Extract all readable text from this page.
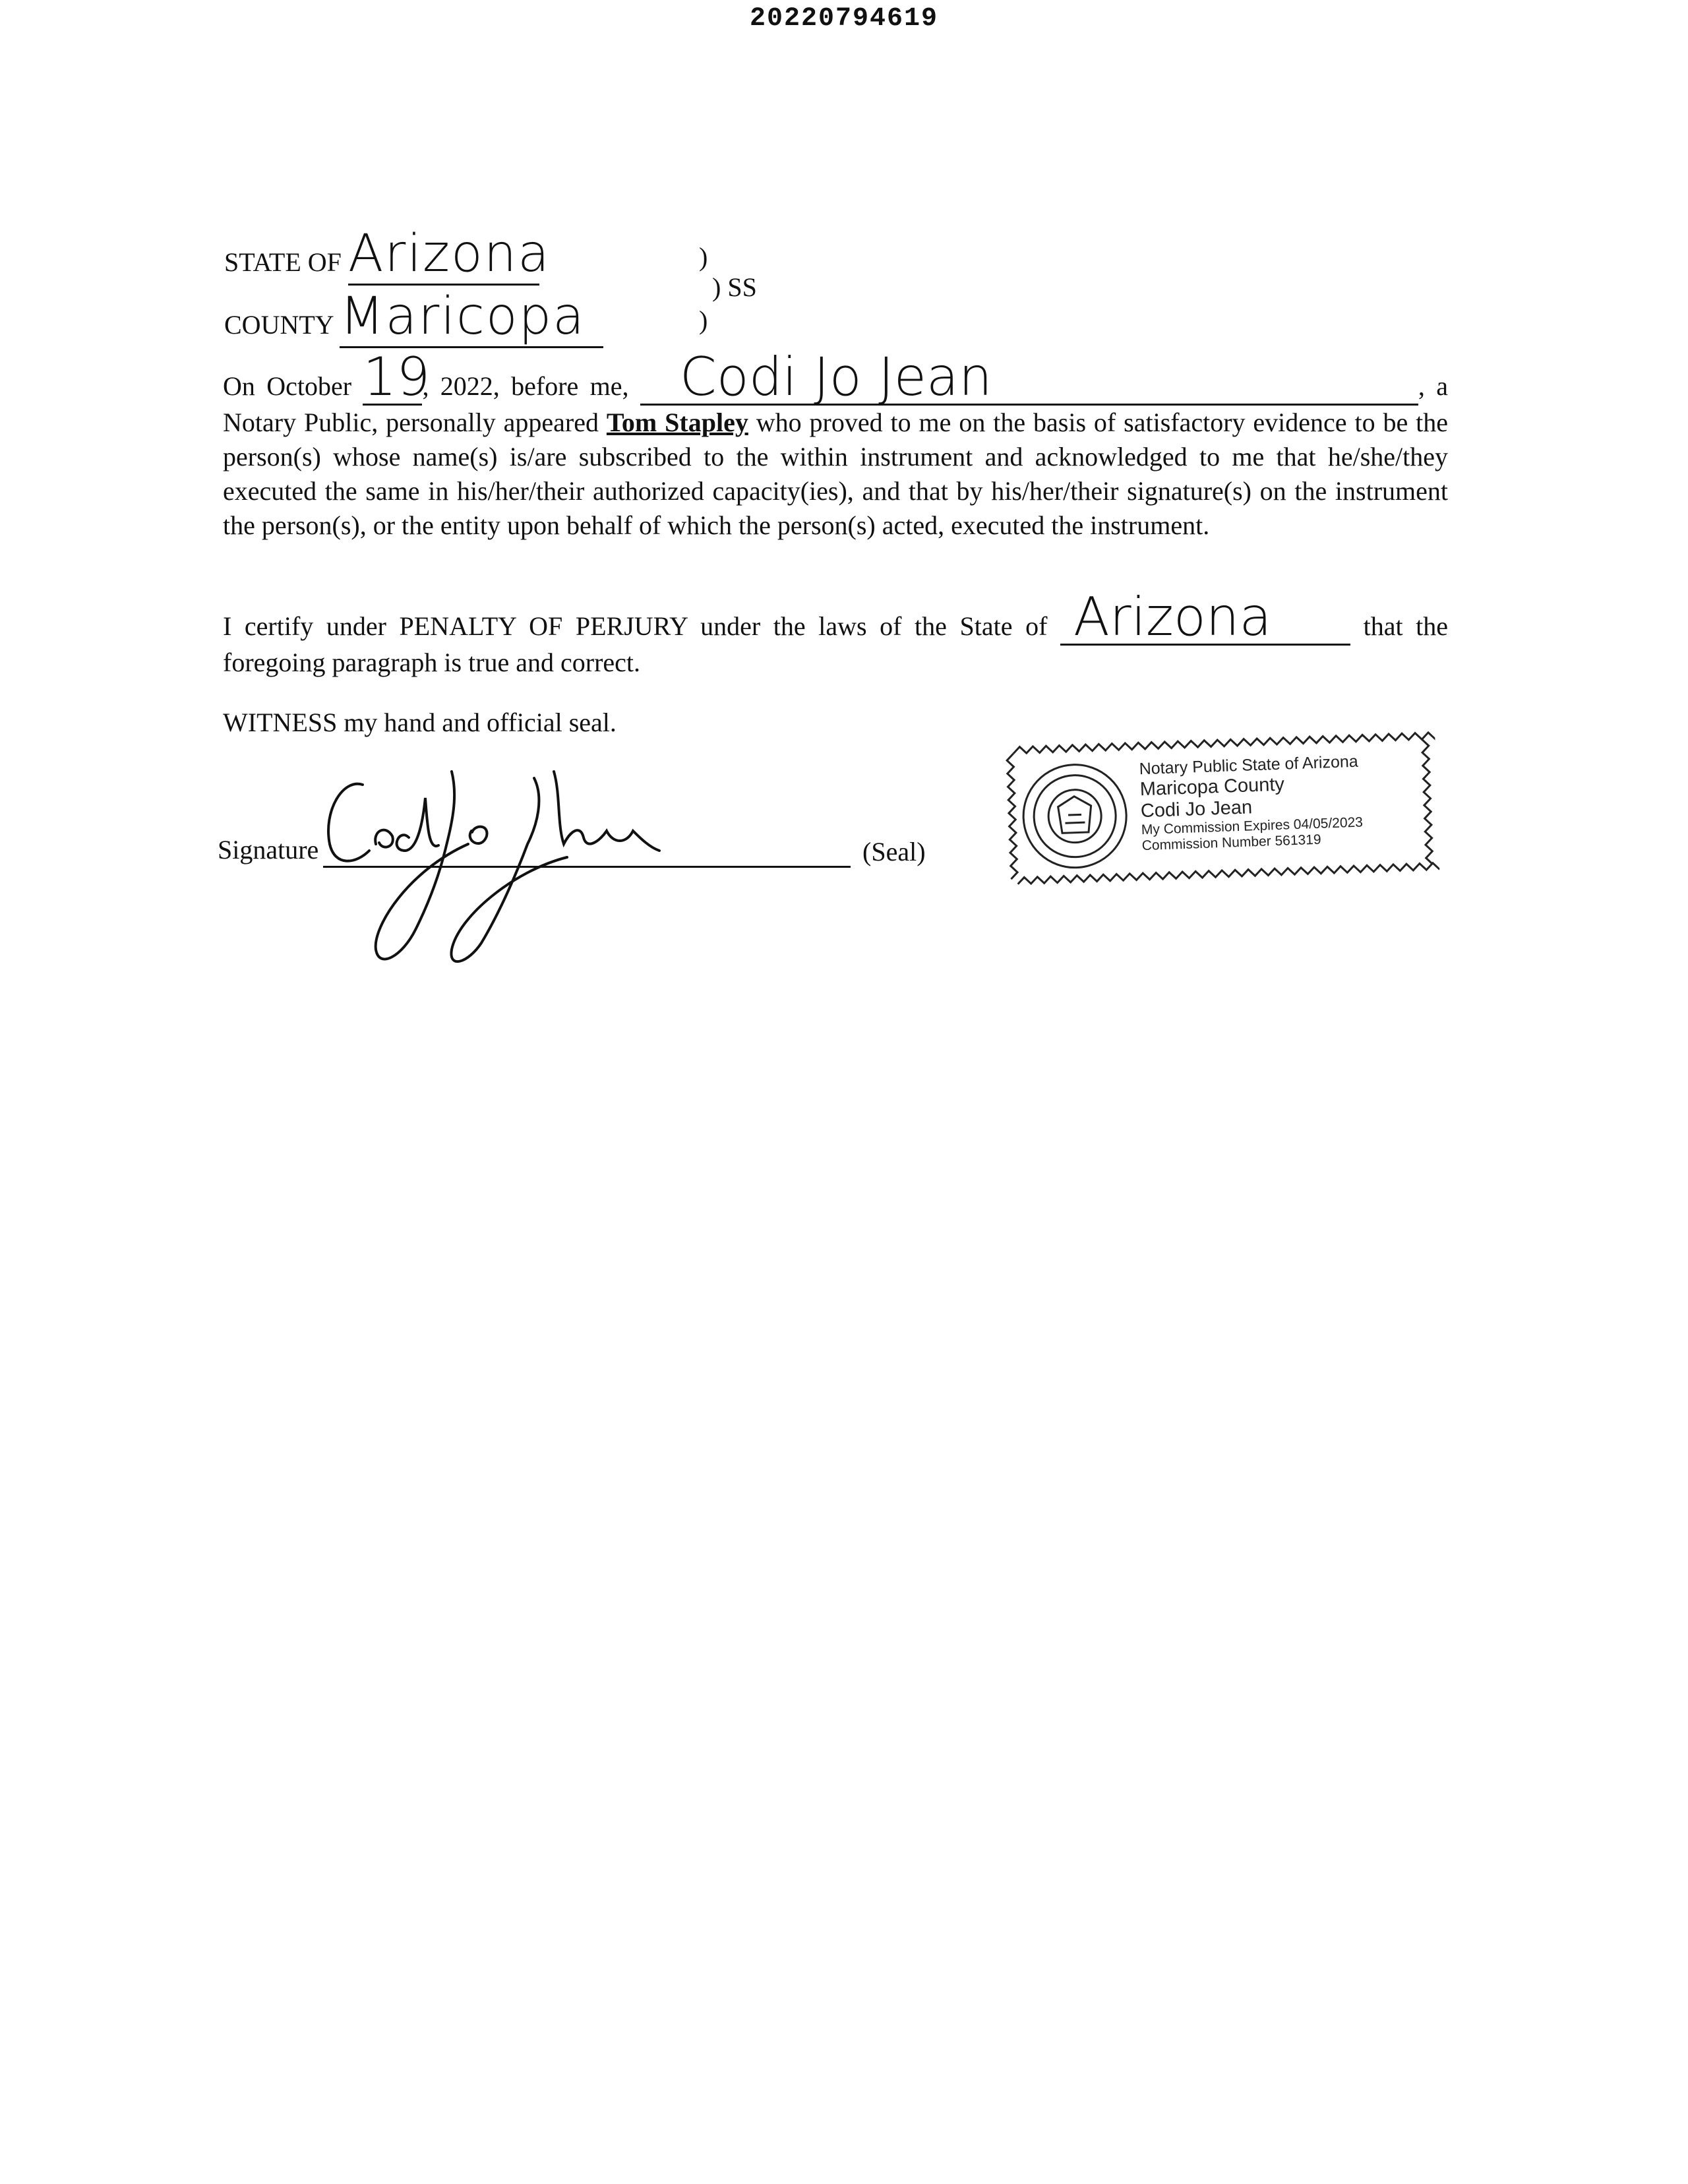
20220794619
STATE OF Arizona
COUNTY Maricopa
)
) SS
)
On October 19, 2022, before me, Codi Jo Jean	, a Notary Public, personally appeared Tom Stapley who proved to me on the basis of satisfactory evidence to be the person(s) whose name(s) is/are subscribed to the within instrument and acknowledged to me that he/she/they executed the same in his/her/their authorized capacity(ies), and that by his/her/their signature(s) on the instrument the person(s), or the entity upon behalf of which the person(s) acted, executed the instrument.
I certify under PENALTY OF PERJURY under the laws of the State of Arizona	that the foregoing paragraph is true and correct.
WITNESS my hand and official seal.
Signature	(Seal)
Notary Public State of Arizona
Maricopa County
Codi Jo Jean
My Commission Expires 04/05/2023
Commission Number 561319
